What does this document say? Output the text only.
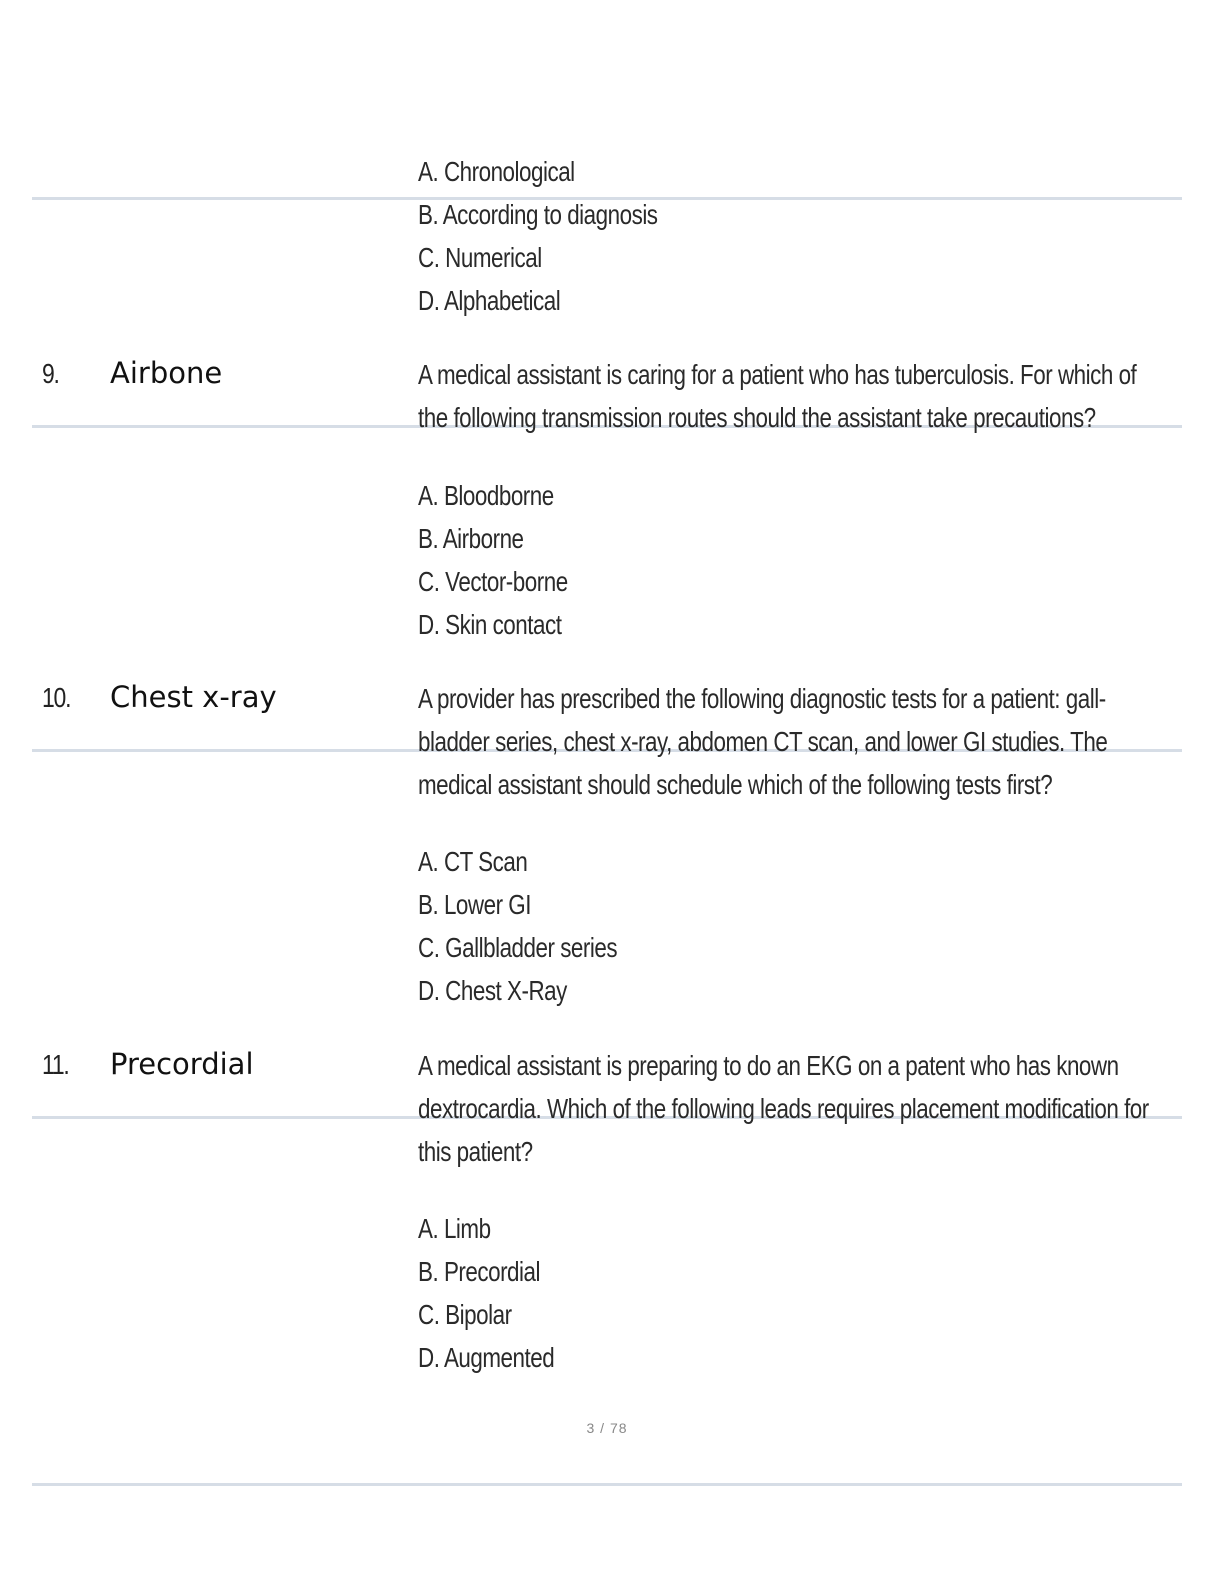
A. Chronological
B. According to diagnosis
C. Numerical
D. Alphabetical
9. Airbone	A medical assistant is caring for a patient who has tuberculosis. For which of the following transmission routes should the assistant take precautions?

A. Bloodborne
B. Airborne
C. Vector-borne
D. Skin contact
10. Chest x-ray	A provider has prescribed the following diagnostic tests for a patient: gall-bladder series, chest x-ray, abdomen CT scan, and lower GI studies. The medical assistant should schedule which of the following tests first?

A. CT Scan
B. Lower GI
C. Gallbladder series
D. Chest X-Ray
11. Precordial	A medical assistant is preparing to do an EKG on a patent who has known dextrocardia. Which of the following leads requires placement modification for this patient?

A. Limb
B. Precordial
C. Bipolar
D. Augmented
3 / 78
